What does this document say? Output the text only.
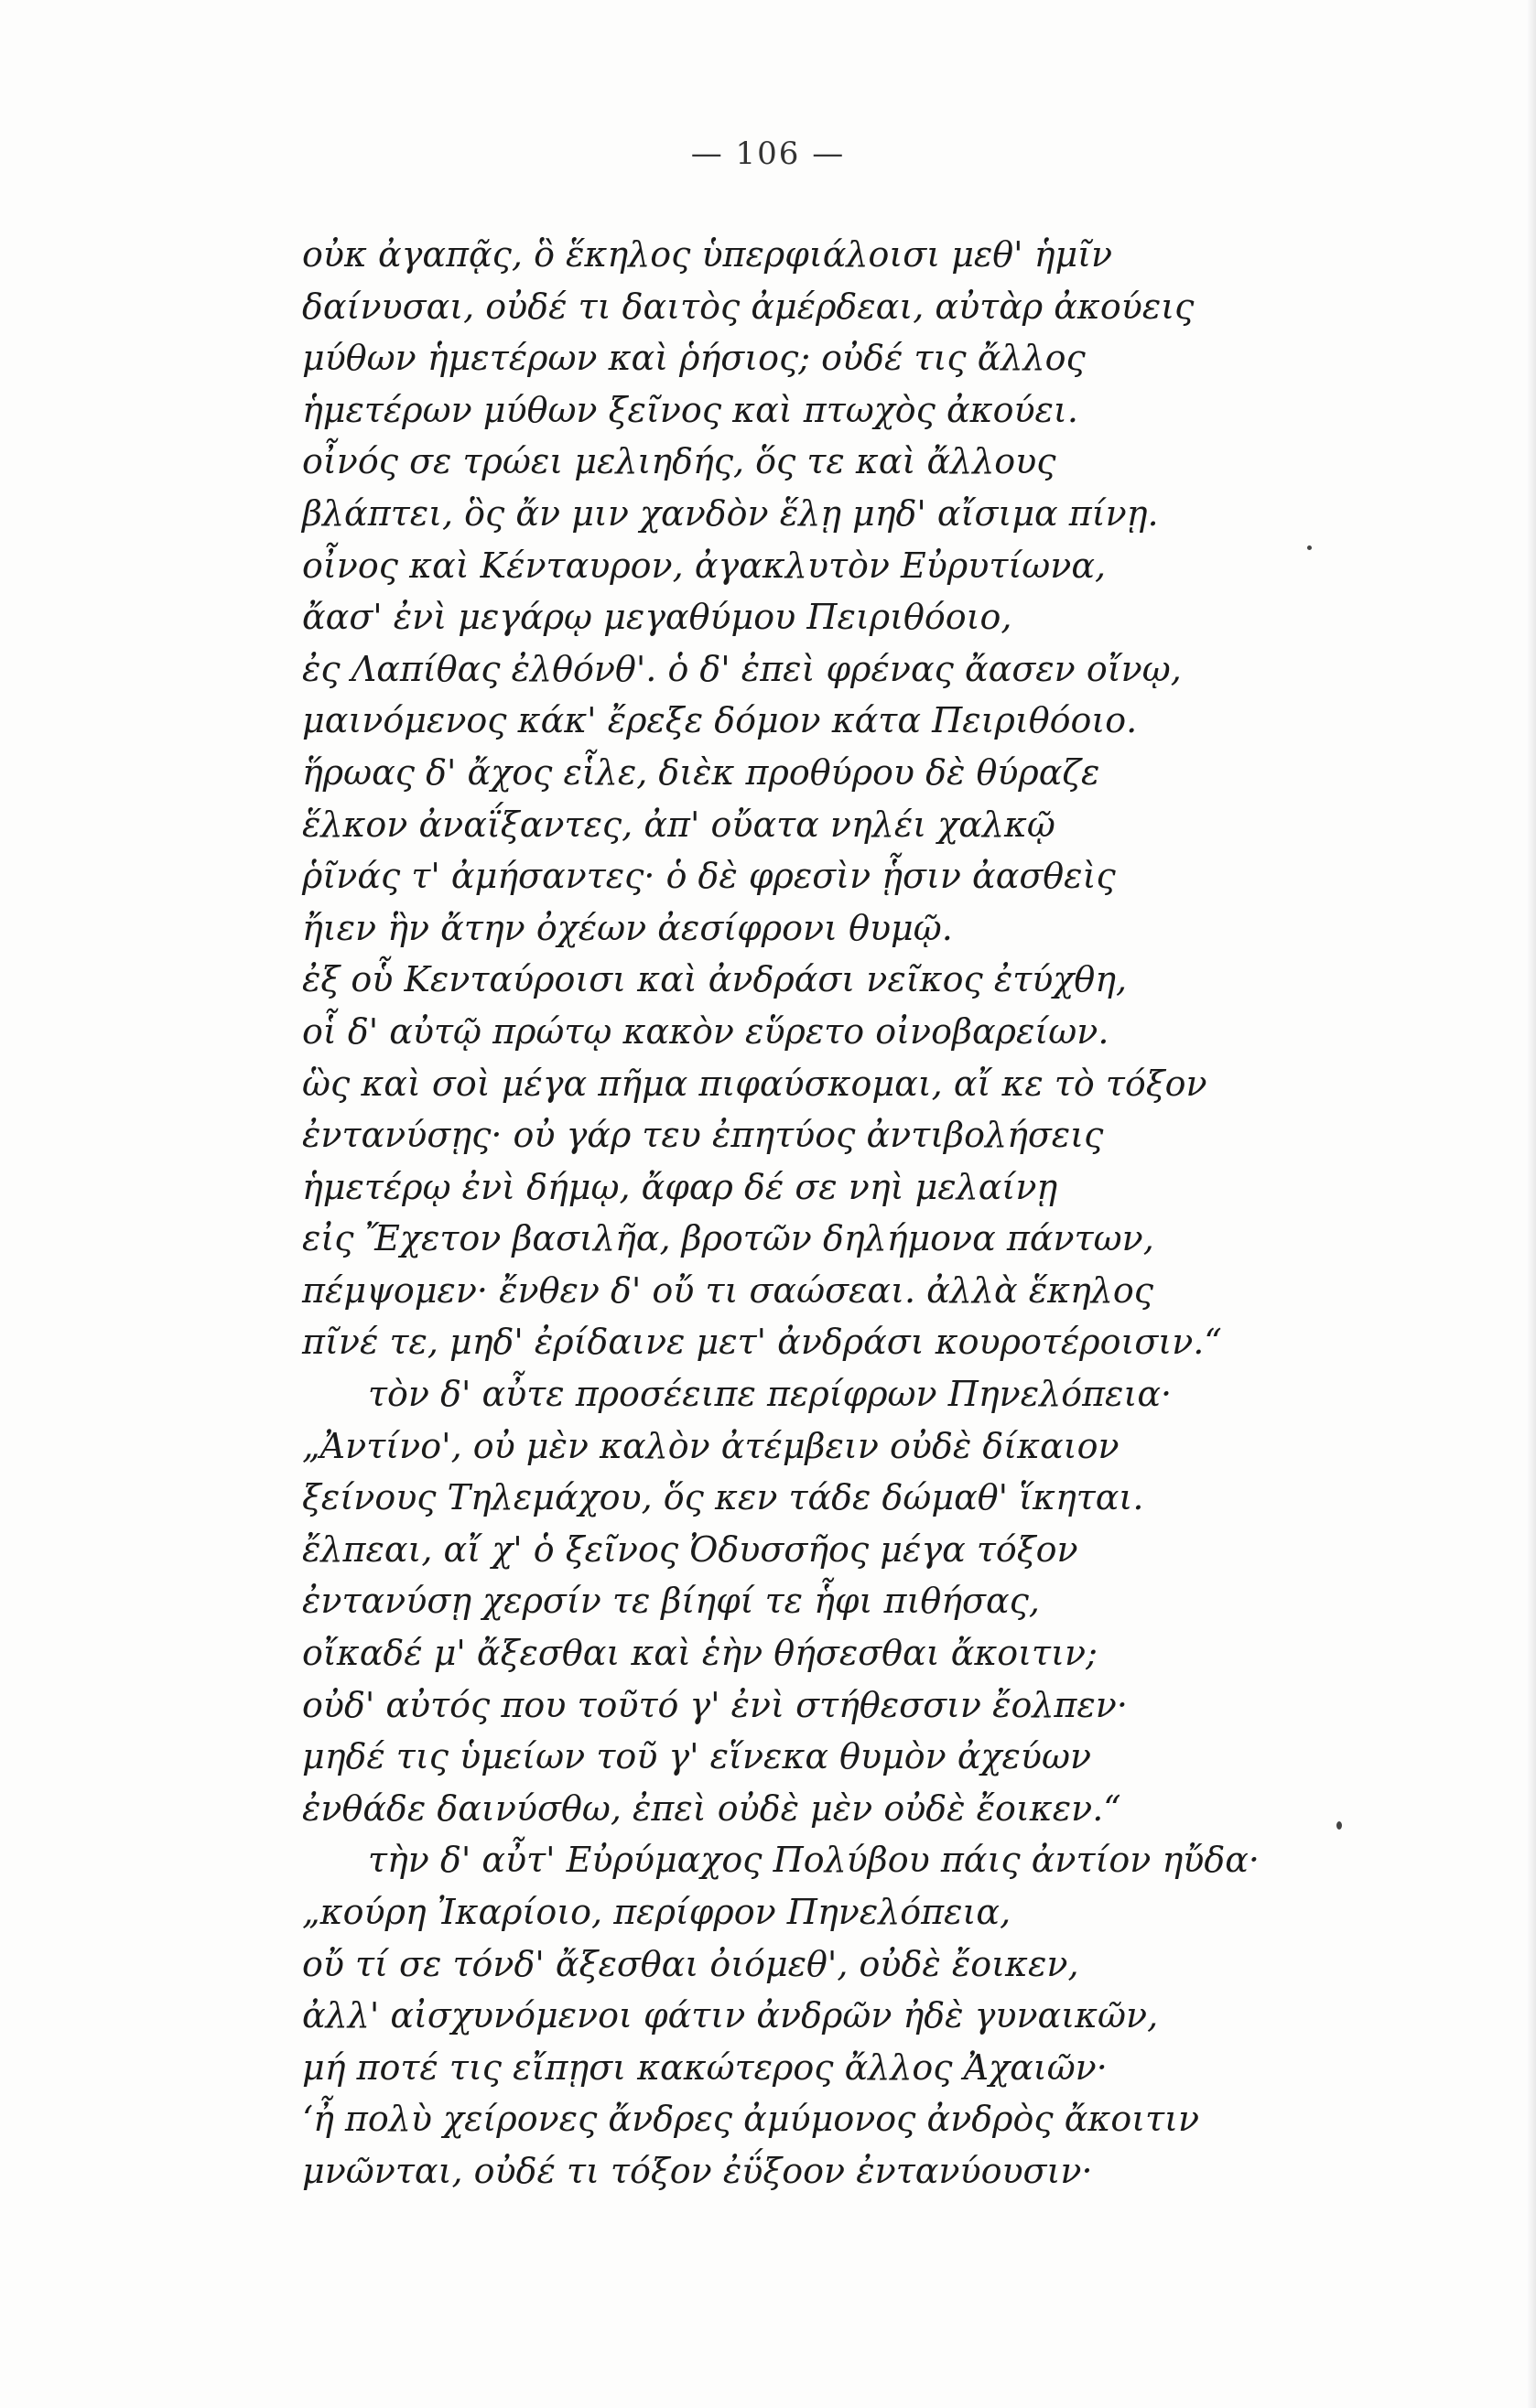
— 106 —
οὐκ ἀγαπᾷς, ὃ ἕκηλος ὑπερφιάλοισι μεθ' ἡμῖν
δαίνυσαι, οὐδέ τι δαιτὸς ἀμέρδεαι, αὐτὰρ ἀκούεις
μύθων ἡμετέρων καὶ ῥήσιος; οὐδέ τις ἄλλος
ἡμετέρων μύθων ξεῖνος καὶ πτωχὸς ἀκούει.
οἶνός σε τρώει μελιηδής, ὅς τε καὶ ἄλλους
βλάπτει, ὃς ἄν μιν χανδὸν ἕλῃ μηδ' αἴσιμα πίνῃ.
οἶνος καὶ Κένταυρον, ἀγακλυτὸν Εὐρυτίωνα,
ἄασ' ἐνὶ μεγάρῳ μεγαθύμου Πειριθόοιο,
ἐς Λαπίθας ἐλθόνθ'. ὁ δ' ἐπεὶ φρένας ἄασεν οἴνῳ,
μαινόμενος κάκ' ἔρεξε δόμον κάτα Πειριθόοιο.
ἥρωας δ' ἄχος εἷλε, διὲκ προθύρου δὲ θύραζε
ἕλκον ἀναΐξαντες, ἀπ' οὔατα νηλέι χαλκῷ
ῥῖνάς τ' ἀμήσαντες· ὁ δὲ φρεσὶν ᾗσιν ἀασθεὶς
ἤιεν ἣν ἄτην ὀχέων ἀεσίφρονι θυμῷ.
ἐξ οὗ Κενταύροισι καὶ ἀνδράσι νεῖκος ἐτύχθη,
οἷ δ' αὐτῷ πρώτῳ κακὸν εὕρετο οἰνοβαρείων.
ὣς καὶ σοὶ μέγα πῆμα πιφαύσκομαι, αἴ κε τὸ τόξον
ἐντανύσῃς· οὐ γάρ τευ ἐπητύος ἀντιβολήσεις
ἡμετέρῳ ἐνὶ δήμῳ, ἄφαρ δέ σε νηὶ μελαίνῃ
εἰς Ἔχετον βασιλῆα, βροτῶν δηλήμονα πάντων,
πέμψομεν· ἔνθεν δ' οὔ τι σαώσεαι. ἀλλὰ ἕκηλος
πῖνέ τε, μηδ' ἐρίδαινε μετ' ἀνδράσι κουροτέροισιν.“
τὸν δ' αὖτε προσέειπε περίφρων Πηνελόπεια·
„Ἀντίνο', οὐ μὲν καλὸν ἀτέμβειν οὐδὲ δίκαιον
ξείνους Τηλεμάχου, ὅς κεν τάδε δώμαθ' ἵκηται.
ἔλπεαι, αἴ χ' ὁ ξεῖνος Ὀδυσσῆος μέγα τόξον
ἐντανύσῃ χερσίν τε βίηφί τε ἧφι πιθήσας,
οἴκαδέ μ' ἄξεσθαι καὶ ἑὴν θήσεσθαι ἄκοιτιν;
οὐδ' αὐτός που τοῦτό γ' ἐνὶ στήθεσσιν ἔολπεν·
μηδέ τις ὑμείων τοῦ γ' εἵνεκα θυμὸν ἀχεύων
ἐνθάδε δαινύσθω, ἐπεὶ οὐδὲ μὲν οὐδὲ ἔοικεν.“
τὴν δ' αὖτ' Εὐρύμαχος Πολύβου πάις ἀντίον ηὔδα·
„κούρη Ἰκαρίοιο, περίφρον Πηνελόπεια,
οὔ τί σε τόνδ' ἄξεσθαι ὀιόμεθ', οὐδὲ ἔοικεν,
ἀλλ' αἰσχυνόμενοι φάτιν ἀνδρῶν ἠδὲ γυναικῶν,
μή ποτέ τις εἴπῃσι κακώτερος ἄλλος Ἀχαιῶν·
‘ἦ πολὺ χείρονες ἄνδρες ἀμύμονος ἀνδρὸς ἄκοιτιν
μνῶνται, οὐδέ τι τόξον ἐΰξοον ἐντανύουσιν·
